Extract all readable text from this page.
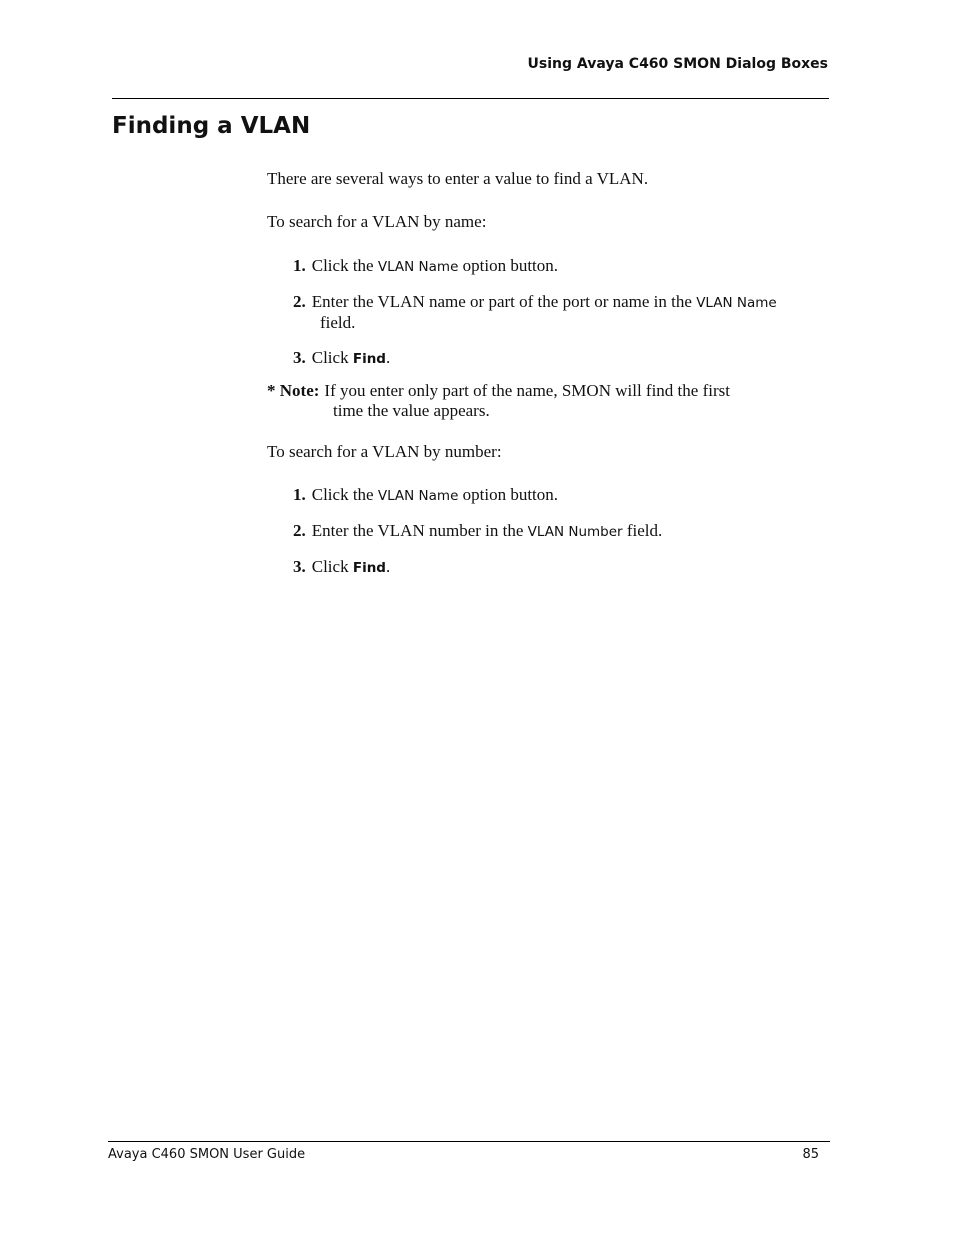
Using Avaya C460 SMON Dialog Boxes
Finding a VLAN
There are several ways to enter a value to find a VLAN.
To search for a VLAN by name:
1. Click the VLAN Name option button.
2. Enter the VLAN name or part of the port or name in the VLAN Name
field.
3. Click Find.
* Note: If you enter only part of the name, SMON will find the first
time the value appears.
To search for a VLAN by number:
1. Click the VLAN Name option button.
2. Enter the VLAN number in the VLAN Number field.
3. Click Find.
Avaya C460 SMON User Guide	85
